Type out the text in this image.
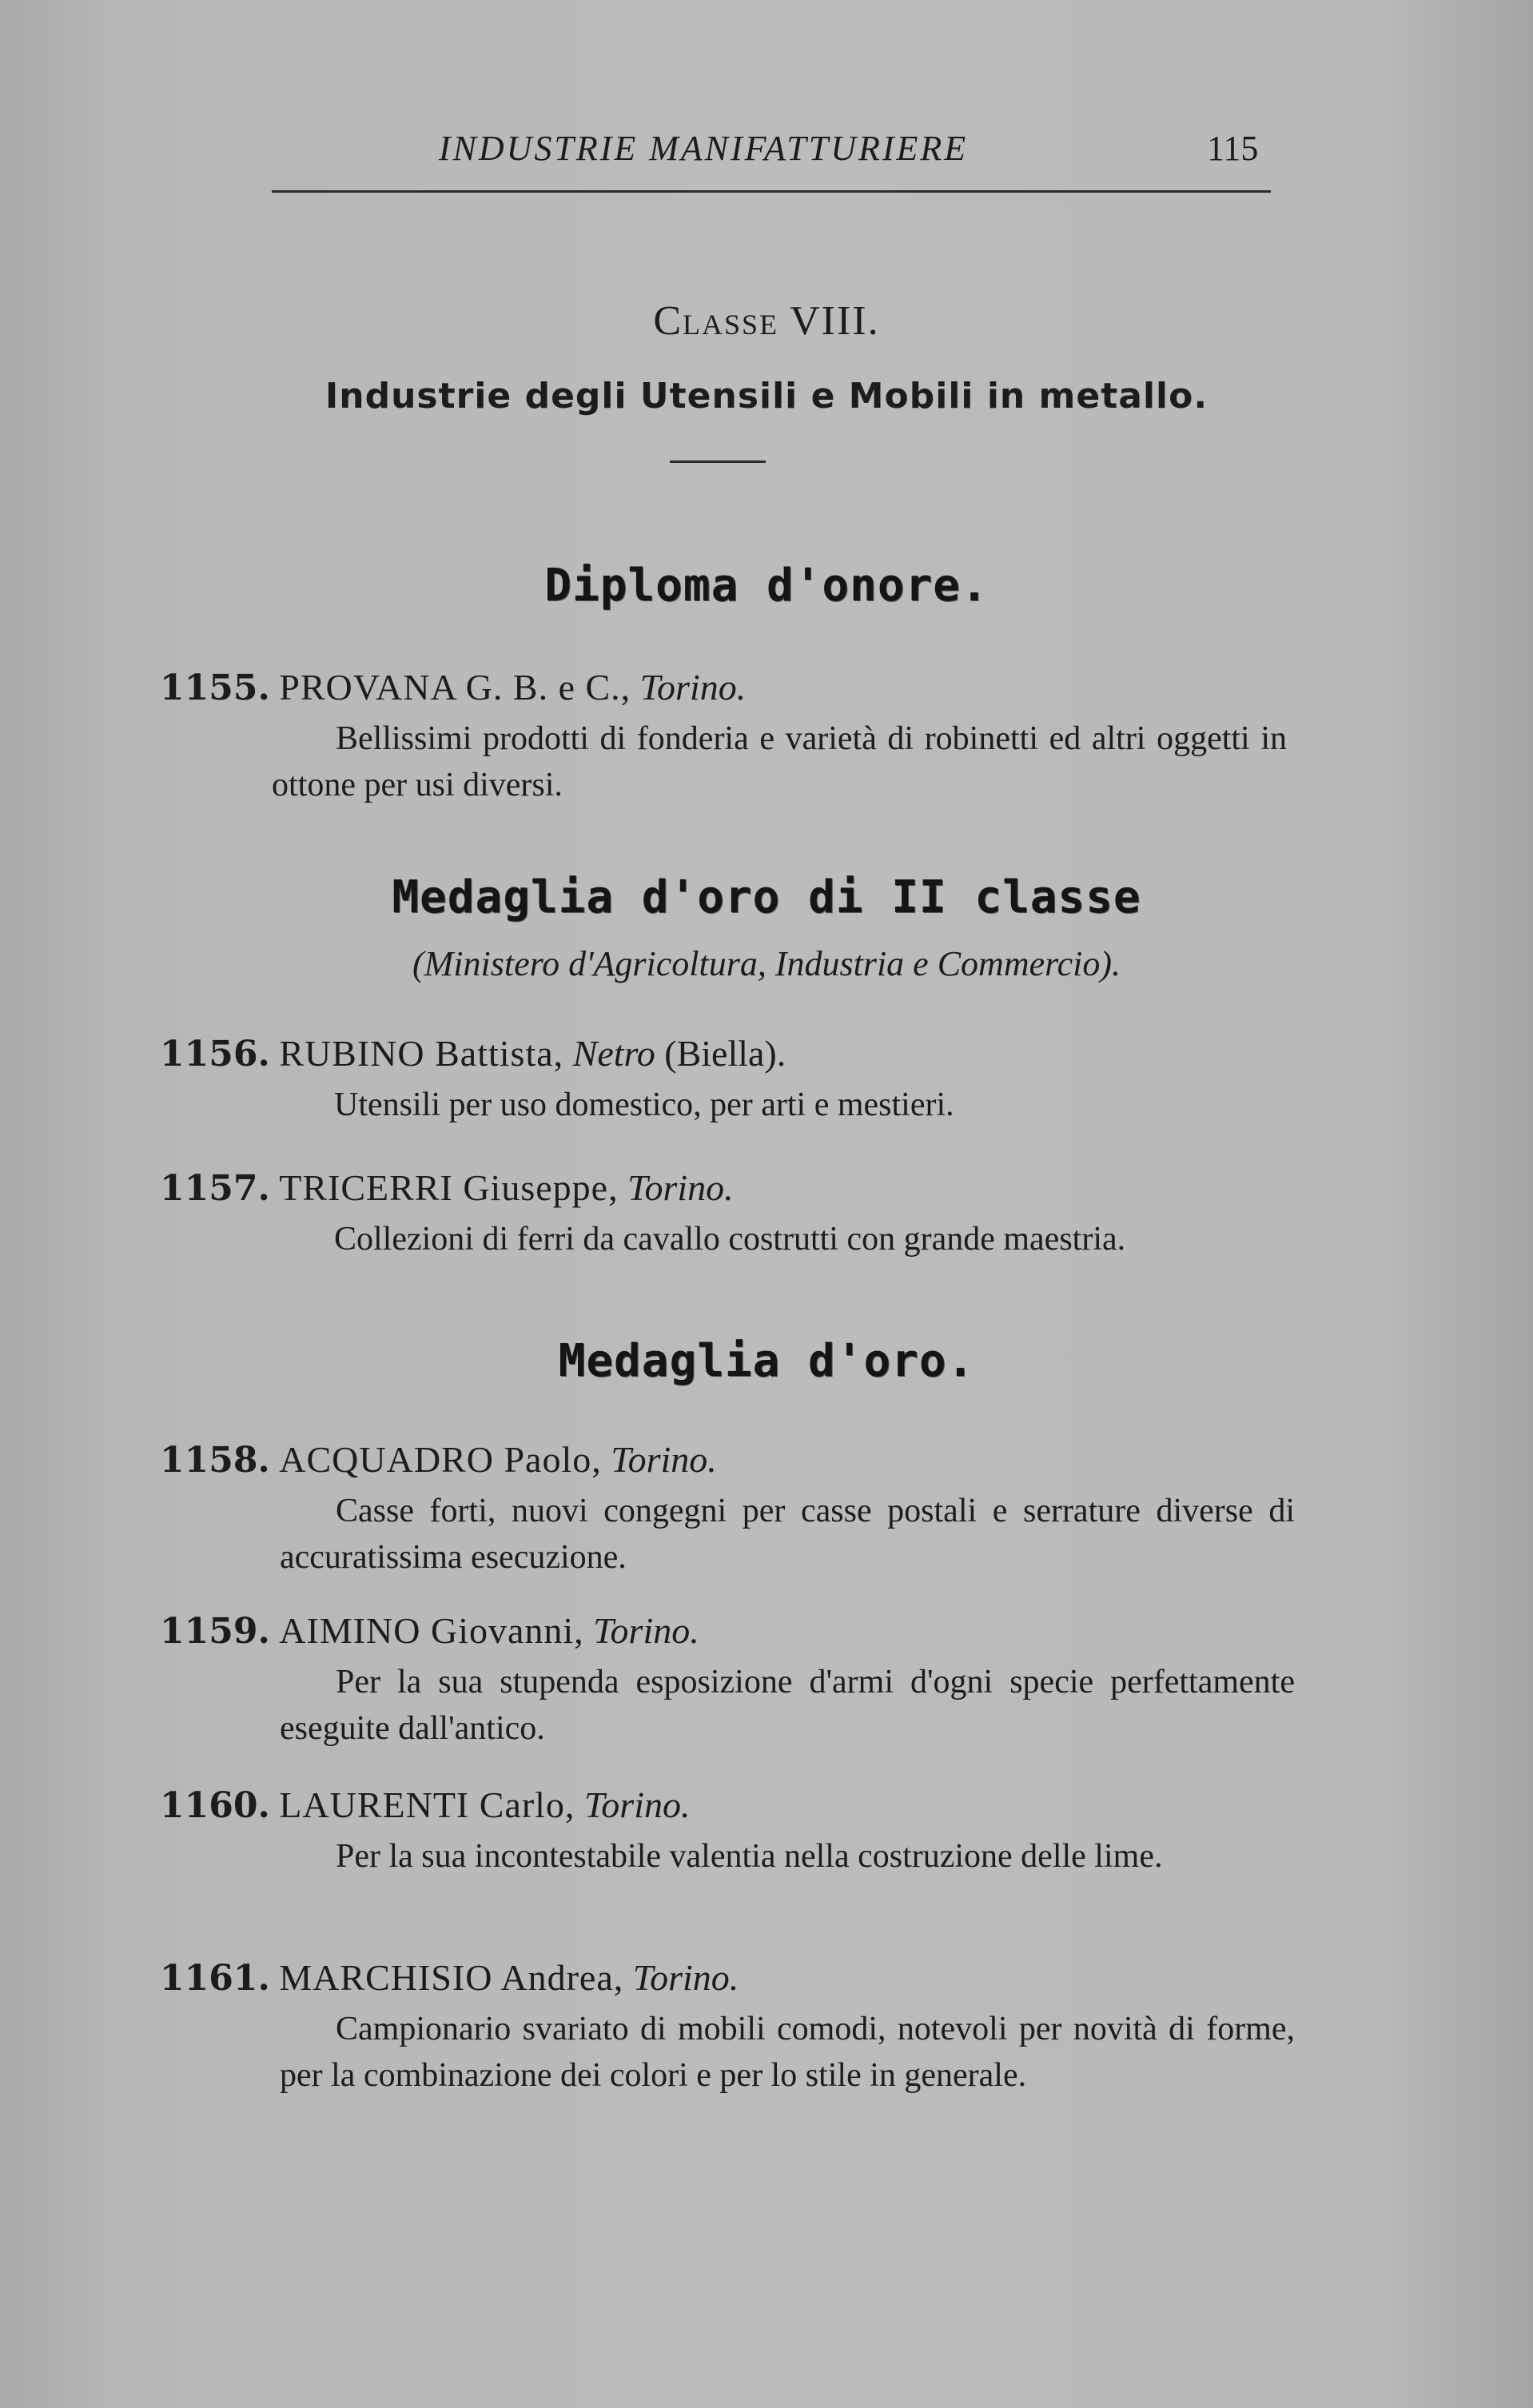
INDUSTRIE MANIFATTURIERE	115
Classe VIII.
Industrie degli Utensili e Mobili in metallo.
Diploma d'onore.
1155. PROVANA G. B. e C., Torino.
Bellissimi prodotti di fonderia e varietà di robinetti ed altri oggetti in ottone per usi diversi.
Medaglia d'oro di II classe
(Ministero d'Agricoltura, Industria e Commercio).
1156. RUBINO Battista, Netro (Biella).
Utensili per uso domestico, per arti e mestieri.
1157. TRICERRI Giuseppe, Torino.
Collezioni di ferri da cavallo costrutti con grande maestria.
Medaglia d'oro.
1158. ACQUADRO Paolo, Torino.
Casse forti, nuovi congegni per casse postali e serrature diverse di accuratissima esecuzione.
1159. AIMINO Giovanni, Torino.
Per la sua stupenda esposizione d'armi d'ogni specie perfettamente eseguite dall'antico.
1160. LAURENTI Carlo, Torino.
Per la sua incontestabile valentia nella costruzione delle lime.
1161. MARCHISIO Andrea, Torino.
Campionario svariato di mobili comodi, notevoli per novità di forme, per la combinazione dei colori e per lo stile in generale.
